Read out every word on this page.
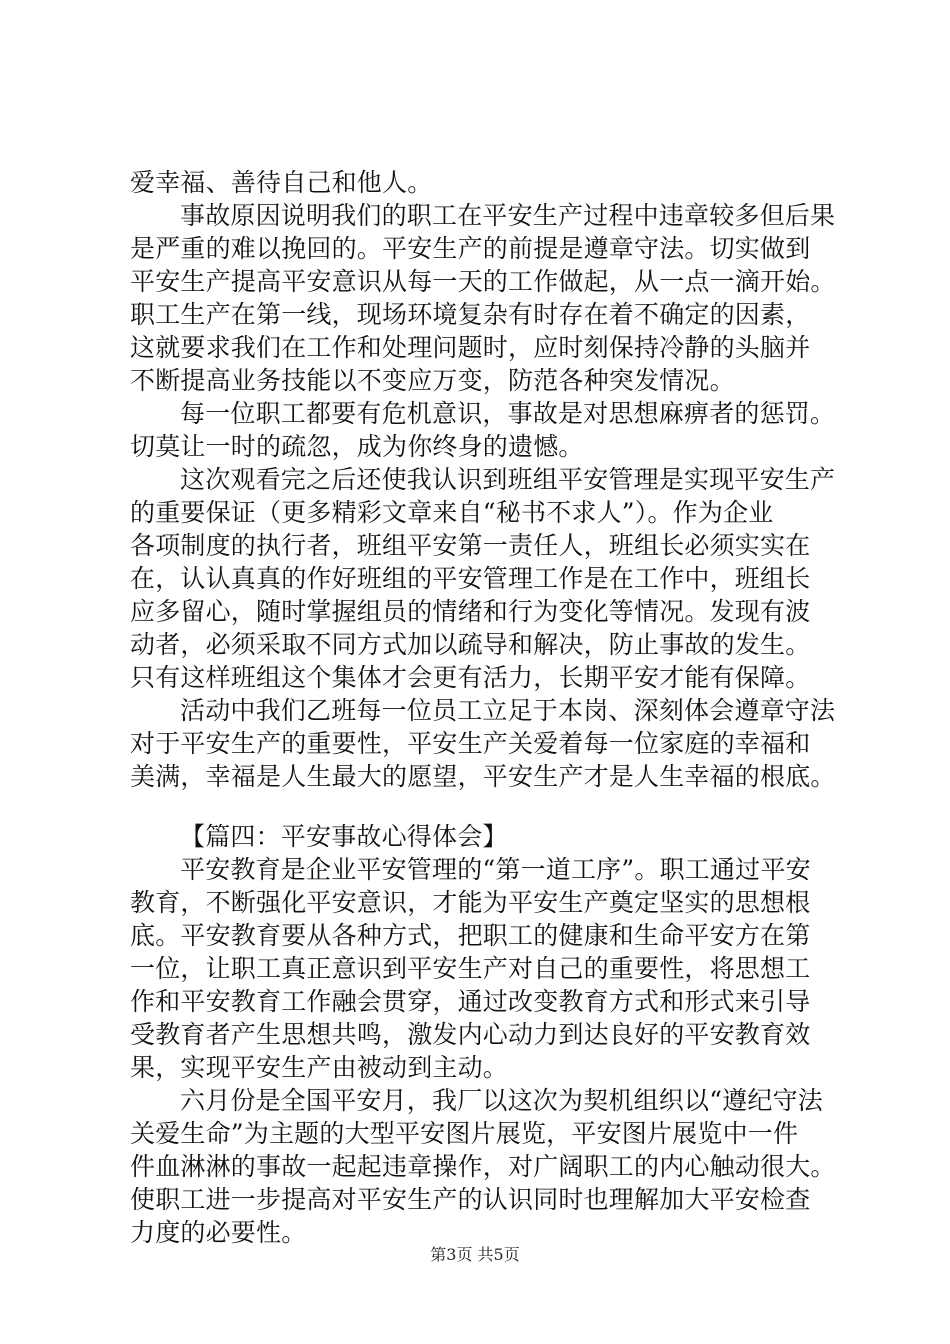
爱幸福、善待自己和他人。
事故原因说明我们的职工在平安生产过程中违章较多但后果
是严重的难以挽回的。平安生产的前提是遵章守法。切实做到
平安生产提高平安意识从每一天的工作做起，从一点一滴开始。
职工生产在第一线，现场环境复杂有时存在着不确定的因素，
这就要求我们在工作和处理问题时，应时刻保持冷静的头脑并
不断提高业务技能以不变应万变，防范各种突发情况。
每一位职工都要有危机意识，事故是对思想麻痹者的惩罚。
切莫让一时的疏忽，成为你终身的遗憾。
这次观看完之后还使我认识到班组平安管理是实现平安生产
的重要保证（更多精彩文章来自“秘书不求人”）。作为企业
各项制度的执行者，班组平安第一责任人，班组长必须实实在
在，认认真真的作好班组的平安管理工作是在工作中，班组长
应多留心，随时掌握组员的情绪和行为变化等情况。发现有波
动者，必须采取不同方式加以疏导和解决，防止事故的发生。
只有这样班组这个集体才会更有活力，长期平安才能有保障。
活动中我们乙班每一位员工立足于本岗、深刻体会遵章守法
对于平安生产的重要性，平安生产关爱着每一位家庭的幸福和
美满，幸福是人生最大的愿望，平安生产才是人生幸福的根底。
【篇四：平安事故心得体会】
平安教育是企业平安管理的“第一道工序”。职工通过平安
教育，不断强化平安意识，才能为平安生产奠定坚实的思想根
底。平安教育要从各种方式，把职工的健康和生命平安方在第
一位，让职工真正意识到平安生产对自己的重要性，将思想工
作和平安教育工作融会贯穿，通过改变教育方式和形式来引导
受教育者产生思想共鸣，激发内心动力到达良好的平安教育效
果，实现平安生产由被动到主动。
六月份是全国平安月，我厂以这次为契机组织以“遵纪守法
关爱生命”为主题的大型平安图片展览，平安图片展览中一件
件血淋淋的事故一起起违章操作，对广阔职工的内心触动很大。
使职工进一步提高对平安生产的认识同时也理解加大平安检查
力度的必要性。
第3页 共5页
